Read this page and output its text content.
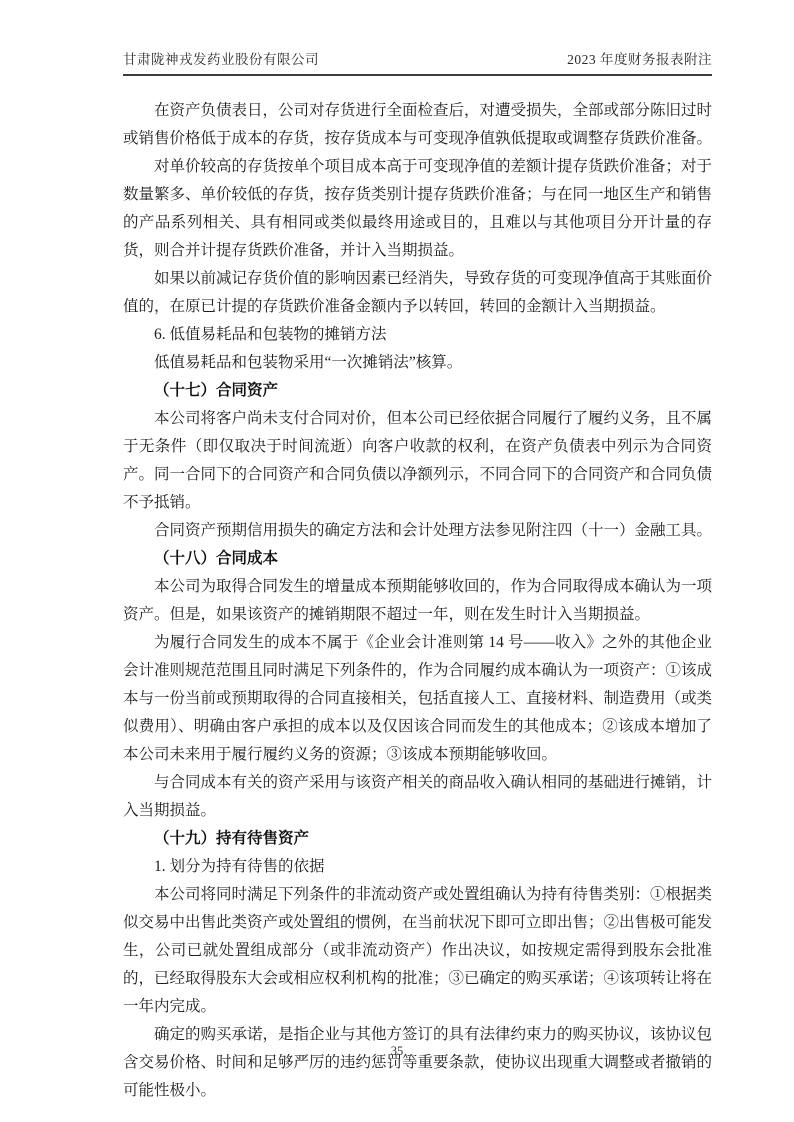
甘肃陇神戎发药业股份有限公司	2023 年度财务报表附注

在资产负债表日，公司对存货进行全面检查后，对遭受损失，全部或部分陈旧过时或销售价格低于成本的存货，按存货成本与可变现净值孰低提取或调整存货跌价准备。

对单价较高的存货按单个项目成本高于可变现净值的差额计提存货跌价准备；对于数量繁多、单价较低的存货，按存货类别计提存货跌价准备；与在同一地区生产和销售的产品系列相关、具有相同或类似最终用途或目的，且难以与其他项目分开计量的存货，则合并计提存货跌价准备，并计入当期损益。

如果以前减记存货价值的影响因素已经消失，导致存货的可变现净值高于其账面价值的，在原已计提的存货跌价准备金额内予以转回，转回的金额计入当期损益。

6. 低值易耗品和包装物的摊销方法

低值易耗品和包装物采用“一次摊销法”核算。

（十七）合同资产

本公司将客户尚未支付合同对价，但本公司已经依据合同履行了履约义务，且不属于无条件（即仅取决于时间流逝）向客户收款的权利，在资产负债表中列示为合同资产。同一合同下的合同资产和合同负债以净额列示，不同合同下的合同资产和合同负债不予抵销。

合同资产预期信用损失的确定方法和会计处理方法参见附注四（十一）金融工具。

（十八）合同成本

本公司为取得合同发生的增量成本预期能够收回的，作为合同取得成本确认为一项资产。但是，如果该资产的摊销期限不超过一年，则在发生时计入当期损益。

为履行合同发生的成本不属于《企业会计准则第 14 号——收入》之外的其他企业会计准则规范范围且同时满足下列条件的，作为合同履约成本确认为一项资产：①该成本与一份当前或预期取得的合同直接相关，包括直接人工、直接材料、制造费用（或类似费用）、明确由客户承担的成本以及仅因该合同而发生的其他成本；②该成本增加了本公司未来用于履行履约义务的资源；③该成本预期能够收回。

与合同成本有关的资产采用与该资产相关的商品收入确认相同的基础进行摊销，计入当期损益。

（十九）持有待售资产

1. 划分为持有待售的依据

本公司将同时满足下列条件的非流动资产或处置组确认为持有待售类别：①根据类似交易中出售此类资产或处置组的惯例，在当前状况下即可立即出售；②出售极可能发生，公司已就处置组成部分（或非流动资产）作出决议，如按规定需得到股东会批准的，已经取得股东大会或相应权利机构的批准；③已确定的购买承诺；④该项转让将在一年内完成。

确定的购买承诺，是指企业与其他方签订的具有法律约束力的购买协议，该协议包含交易价格、时间和足够严厉的违约惩罚等重要条款，使协议出现重大调整或者撤销的可能性极小。

35
